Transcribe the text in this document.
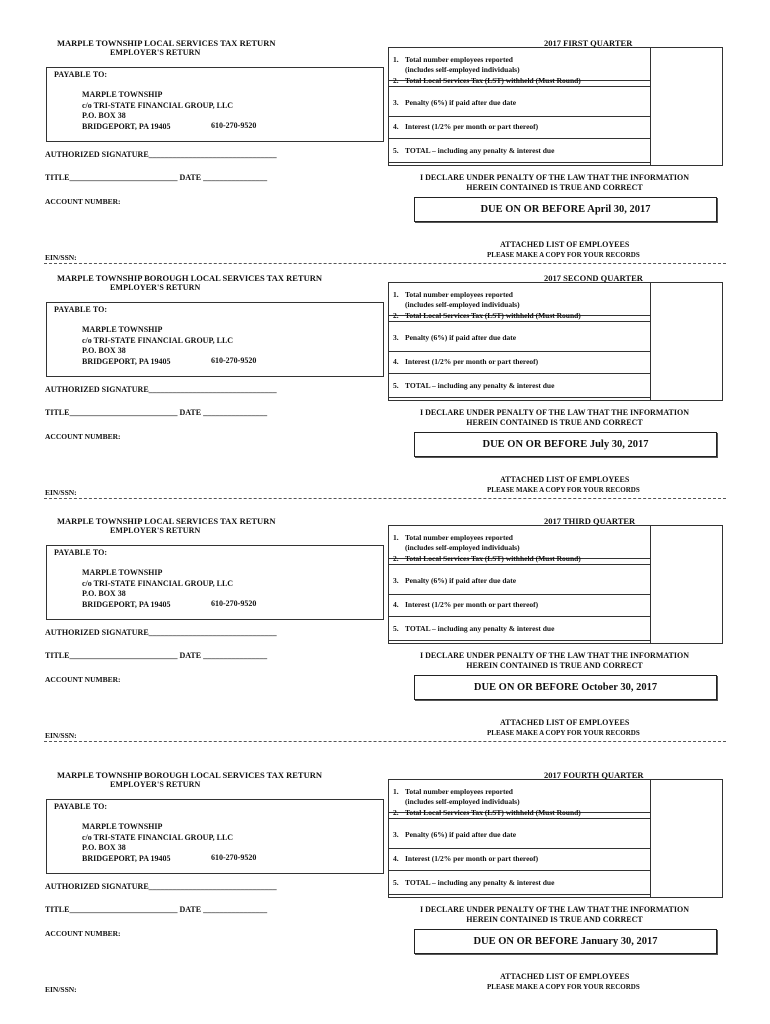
MARPLE TOWNSHIP LOCAL SERVICES TAX RETURN
EMPLOYER'S RETURN
2017 FIRST QUARTER
PAYABLE TO:
MARPLE TOWNSHIP
c/o TRI-STATE FINANCIAL GROUP, LLC
P.O. BOX 38
BRIDGEPORT, PA 19405	610-270-9520
AUTHORIZED SIGNATURE________________________________
TITLE___________________________ DATE ________________
ACCOUNT NUMBER:
1. Total number employees reported
(includes self-employed individuals)
2. Total Local Services Tax (LST) withheld (Must Round)
3. Penalty (6%) if paid after due date
4. Interest (1/2% per month or part thereof)
5. TOTAL – including any penalty & interest due
I DECLARE UNDER PENALTY OF THE LAW THAT THE INFORMATION
HEREIN CONTAINED IS TRUE AND CORRECT
DUE ON OR BEFORE April 30, 2017
ATTACHED LIST OF EMPLOYEES
PLEASE MAKE A COPY FOR YOUR RECORDS
EIN/SSN:
MARPLE TOWNSHIP BOROUGH LOCAL SERVICES TAX RETURN
EMPLOYER'S RETURN
2017 SECOND QUARTER
PAYABLE TO:
MARPLE TOWNSHIP
c/o TRI-STATE FINANCIAL GROUP, LLC
P.O. BOX 38
BRIDGEPORT, PA 19405	610-270-9520
AUTHORIZED SIGNATURE________________________________
TITLE___________________________ DATE ________________
ACCOUNT NUMBER:
1. Total number employees reported
(includes self-employed individuals)
2. Total Local Services Tax (LST) withheld (Must Round)
3. Penalty (6%) if paid after due date
4. Interest (1/2% per month or part thereof)
5. TOTAL – including any penalty & interest due
I DECLARE UNDER PENALTY OF THE LAW THAT THE INFORMATION
HEREIN CONTAINED IS TRUE AND CORRECT
DUE ON OR BEFORE July 30, 2017
ATTACHED LIST OF EMPLOYEES
PLEASE MAKE A COPY FOR YOUR RECORDS
EIN/SSN:
MARPLE TOWNSHIP LOCAL SERVICES TAX RETURN
EMPLOYER'S RETURN
2017 THIRD QUARTER
PAYABLE TO:
MARPLE TOWNSHIP
c/o TRI-STATE FINANCIAL GROUP, LLC
P.O. BOX 38
BRIDGEPORT, PA 19405	610-270-9520
AUTHORIZED SIGNATURE________________________________
TITLE___________________________ DATE ________________
ACCOUNT NUMBER:
1. Total number employees reported
(includes self-employed individuals)
2. Total Local Services Tax (LST) withheld (Must Round)
3. Penalty (6%) if paid after due date
4. Interest (1/2% per month or part thereof)
5. TOTAL – including any penalty & interest due
I DECLARE UNDER PENALTY OF THE LAW THAT THE INFORMATION
HEREIN CONTAINED IS TRUE AND CORRECT
DUE ON OR BEFORE October 30, 2017
ATTACHED LIST OF EMPLOYEES
PLEASE MAKE A COPY FOR YOUR RECORDS
EIN/SSN:
MARPLE TOWNSHIP BOROUGH LOCAL SERVICES TAX RETURN
EMPLOYER'S RETURN
2017 FOURTH QUARTER
PAYABLE TO:
MARPLE TOWNSHIP
c/o TRI-STATE FINANCIAL GROUP, LLC
P.O. BOX 38
BRIDGEPORT, PA 19405	610-270-9520
AUTHORIZED SIGNATURE________________________________
TITLE___________________________ DATE ________________
ACCOUNT NUMBER:
1. Total number employees reported
(includes self-employed individuals)
2. Total Local Services Tax (LST) withheld (Must Round)
3. Penalty (6%) if paid after due date
4. Interest (1/2% per month or part thereof)
5. TOTAL – including any penalty & interest due
I DECLARE UNDER PENALTY OF THE LAW THAT THE INFORMATION
HEREIN CONTAINED IS TRUE AND CORRECT
DUE ON OR BEFORE January 30, 2017
ATTACHED LIST OF EMPLOYEES
PLEASE MAKE A COPY FOR YOUR RECORDS
EIN/SSN:
